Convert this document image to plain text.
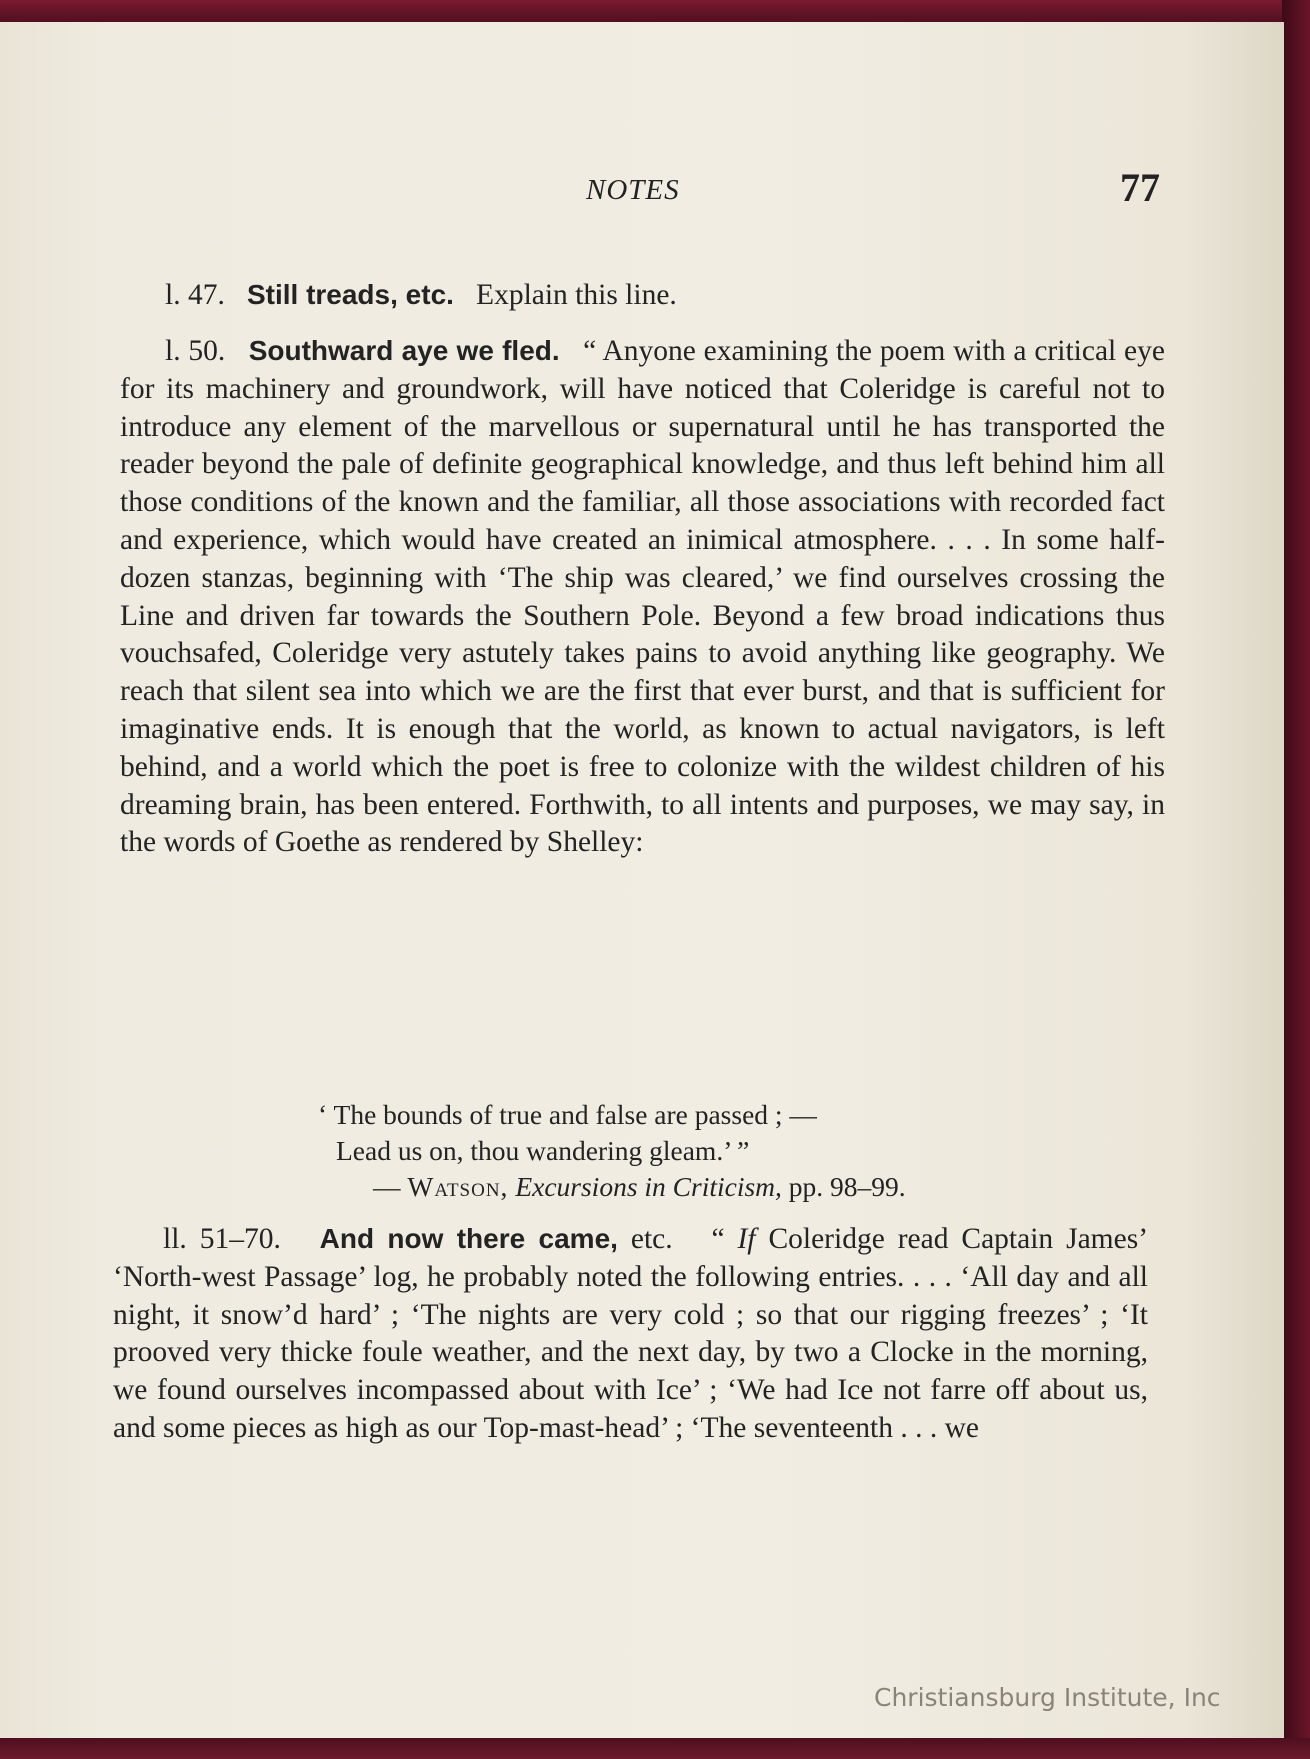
NOTES	77
l. 47. Still treads, etc. Explain this line.
l. 50. Southward aye we fled. “ Anyone examining the poem with a critical eye for its machinery and groundwork, will have noticed that Coleridge is careful not to introduce any element of the marvellous or supernatural until he has transported the reader beyond the pale of definite geographical knowledge, and thus left behind him all those conditions of the known and the familiar, all those associations with recorded fact and experience, which would have created an inimical atmosphere. . . . In some half-dozen stanzas, beginning with ‘The ship was cleared,’ we find ourselves crossing the Line and driven far towards the Southern Pole. Beyond a few broad indications thus vouchsafed, Coleridge very astutely takes pains to avoid anything like geography. We reach that silent sea into which we are the first that ever burst, and that is sufficient for imaginative ends. It is enough that the world, as known to actual navigators, is left behind, and a world which the poet is free to colonize with the wildest children of his dreaming brain, has been entered. Forthwith, to all intents and purposes, we may say, in the words of Goethe as rendered by Shelley:
‘ The bounds of true and false are passed ; —
Lead us on, thou wandering gleam.’ ”
— Watson, Excursions in Criticism, pp. 98–99.
ll. 51–70. And now there came, etc. “ If Coleridge read Captain James’ ‘North-west Passage’ log, he probably noted the following entries. . . . ‘All day and all night, it snow’d hard’ ; ‘The nights are very cold ; so that our rigging freezes’ ; ‘It prooved very thicke foule weather, and the next day, by two a Clocke in the morning, we found ourselves incompassed about with Ice’ ; ‘We had Ice not farre off about us, and some pieces as high as our Top-mast-head’ ; ‘The seventeenth . . . we
Christiansburg Institute, Inc
